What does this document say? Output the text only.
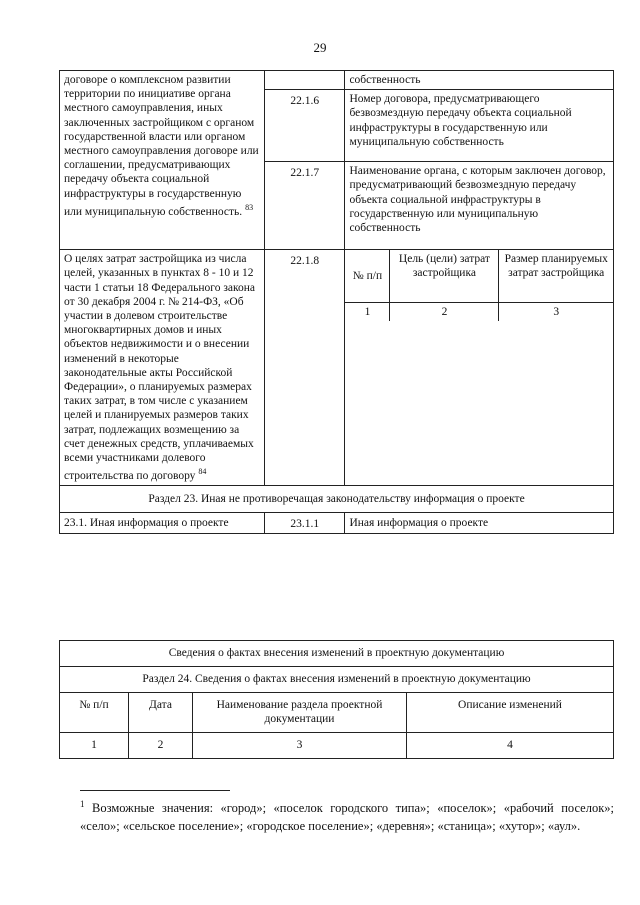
29
договоре о комплексном развитии территории по инициативе органа местного самоуправления, иных заключенных застройщиком с органом государственной власти или органом местного самоуправления договоре или соглашении, предусматривающих передачу объекта социальной инфраструктуры в государственную или муниципальную собственность. $^{83}$		собственность
22.1.6	Номер договора, предусматривающего безвозмездную передачу объекта социальной инфраструктуры в государственную или муниципальную собственность
22.1.7	Наименование органа, с которым заключен договор, предусматривающий безвозмездную передачу объекта социальной инфраструктуры в государственную или муниципальную собственность
О целях затрат застройщика из числа целей, указанных в пунктах 8 - 10 и 12 части 1 статьи 18 Федерального закона от 30 декабря 2004 г. № 214-ФЗ, «Об участии в долевом строительстве многоквартирных домов и иных объектов недвижимости и о внесении изменений в некоторые законодательные акты Российской Федерации», о планируемых размерах таких затрат, в том числе с указанием целей и планируемых размеров таких затрат, подлежащих возмещению за счет денежных средств, уплачиваемых всеми участниками долевого строительства по договору $^{84}$	22.1.8	
№ п/п	Цель (цели) затрат застройщика	Размер планируемых затрат застройщика
1	2	3

Раздел 23. Иная не противоречащая законодательству информация о проекте
23.1. Иная информация о проекте	23.1.1	Иная информация о проекте
Сведения о фактах внесения изменений в проектную документацию			
Раздел 24. Сведения о фактах внесения изменений в проектную документацию			
№ п/п	Дата	Наименование раздела проектной документации	Описание изменений
1	2	3	4
$^1$ Возможные значения: «город»; «поселок городского типа»; «поселок»; «рабочий поселок»; «село»; «сельское поселение»; «городское поселение»; «деревня»; «станица»; «хутор»; «аул».
